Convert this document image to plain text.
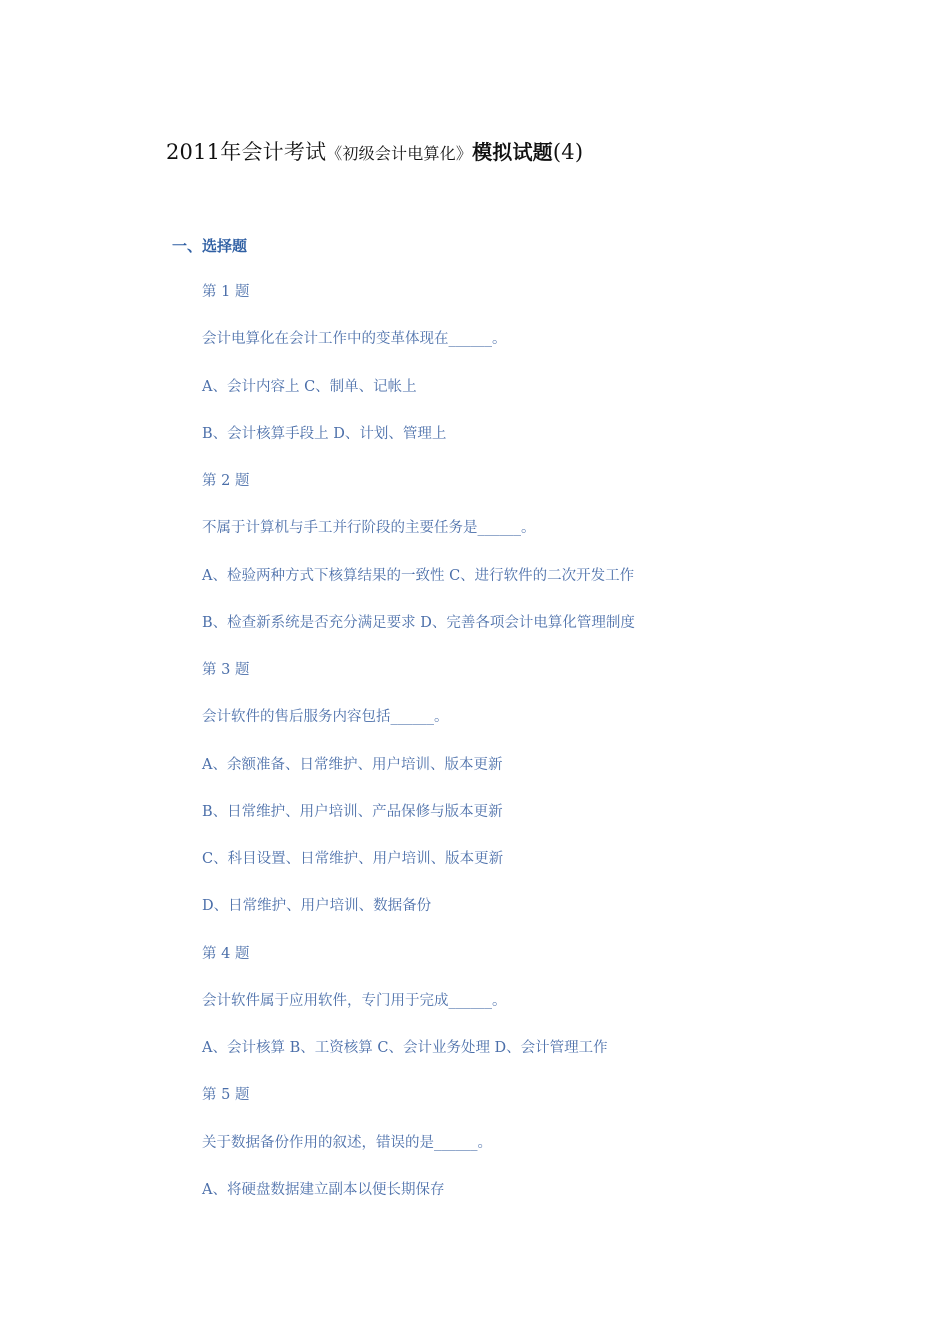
2011年会计考试《初级会计电算化》模拟试题(4)
一、选择题
第 1 题
会计电算化在会计工作中的变革体现在______。
A、会计内容上 C、制单、记帐上
B、会计核算手段上 D、计划、管理上
第 2 题
不属于计算机与手工并行阶段的主要任务是______。
A、检验两种方式下核算结果的一致性 C、进行软件的二次开发工作
B、检查新系统是否充分满足要求 D、完善各项会计电算化管理制度
第 3 题
会计软件的售后服务内容包括______。
A、余额准备、日常维护、用户培训、版本更新
B、日常维护、用户培训、产品保修与版本更新
C、科目设置、日常维护、用户培训、版本更新
D、日常维护、用户培训、数据备份
第 4 题
会计软件属于应用软件，专门用于完成______。
A、会计核算 B、工资核算 C、会计业务处理 D、会计管理工作
第 5 题
关于数据备份作用的叙述，错误的是______。
A、将硬盘数据建立副本以便长期保存
